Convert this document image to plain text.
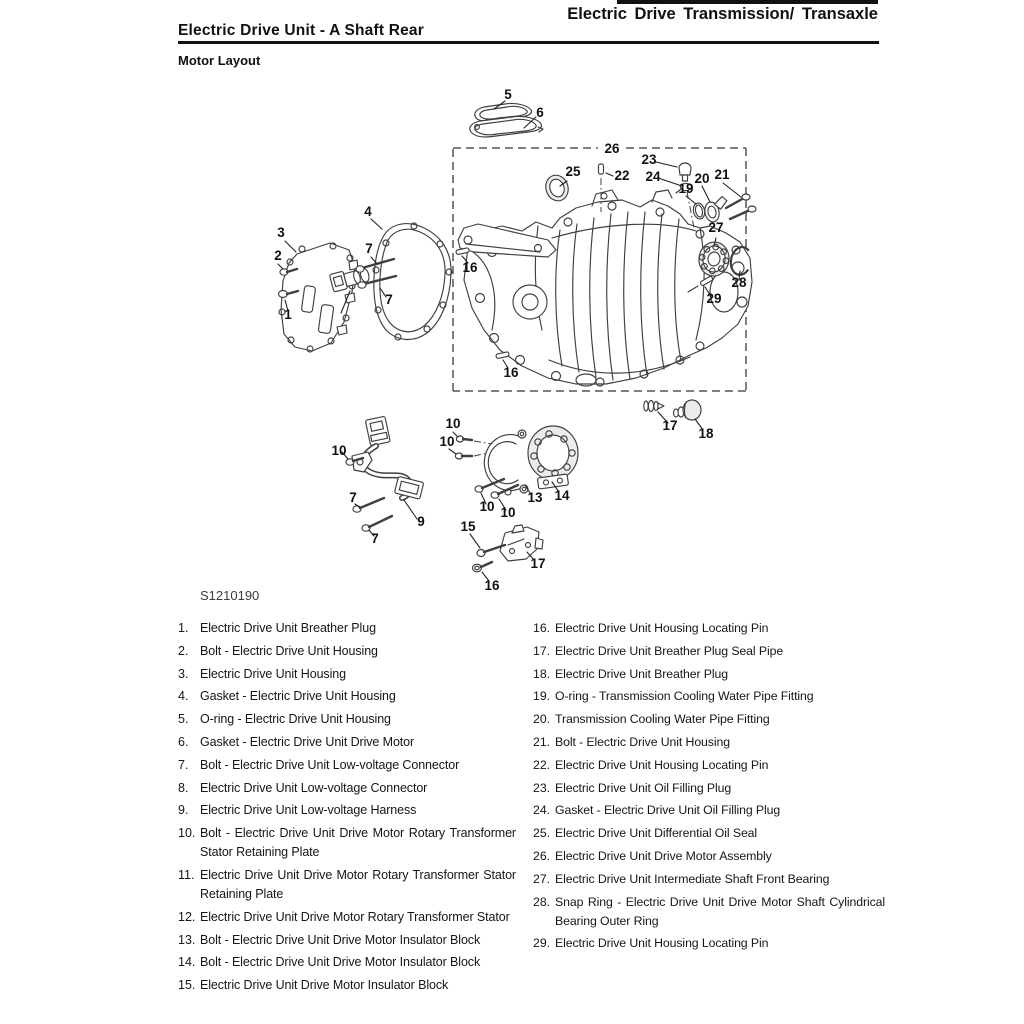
Electric Drive Transmission/ Transaxle
Electric Drive Unit - A Shaft Rear
Motor Layout
5
6
26
25	22
23
24
19
20 21
27
28
29
16
16
3
2
1
4
7
7
10
7
7
9
10
10
10 10
13 14
15
17
16
17
18
S1210190
1. Electric Drive Unit Breather Plug
2. Bolt - Electric Drive Unit Housing
3. Electric Drive Unit Housing
4. Gasket - Electric Drive Unit Housing
5. O-ring - Electric Drive Unit Housing
6. Gasket - Electric Drive Unit Drive Motor
7. Bolt - Electric Drive Unit Low-voltage Connector
8. Electric Drive Unit Low-voltage Connector
9. Electric Drive Unit Low-voltage Harness
10. Bolt - Electric Drive Unit Drive Motor Rotary Transformer Stator Retaining Plate
11. Electric Drive Unit Drive Motor Rotary Transformer Stator Retaining Plate
12. Electric Drive Unit Drive Motor Rotary Transformer Stator
13. Bolt - Electric Drive Unit Drive Motor Insulator Block
14. Bolt - Electric Drive Unit Drive Motor Insulator Block
15. Electric Drive Unit Drive Motor Insulator Block
16. Electric Drive Unit Housing Locating Pin
17. Electric Drive Unit Breather Plug Seal Pipe
18. Electric Drive Unit Breather Plug
19. O-ring - Transmission Cooling Water Pipe Fitting
20. Transmission Cooling Water Pipe Fitting
21. Bolt - Electric Drive Unit Housing
22. Electric Drive Unit Housing Locating Pin
23. Electric Drive Unit Oil Filling Plug
24. Gasket - Electric Drive Unit Oil Filling Plug
25. Electric Drive Unit Differential Oil Seal
26. Electric Drive Unit Drive Motor Assembly
27. Electric Drive Unit Intermediate Shaft Front Bearing
28. Snap Ring - Electric Drive Unit Drive Motor Shaft Cylindrical Bearing Outer Ring
29. Electric Drive Unit Housing Locating Pin
